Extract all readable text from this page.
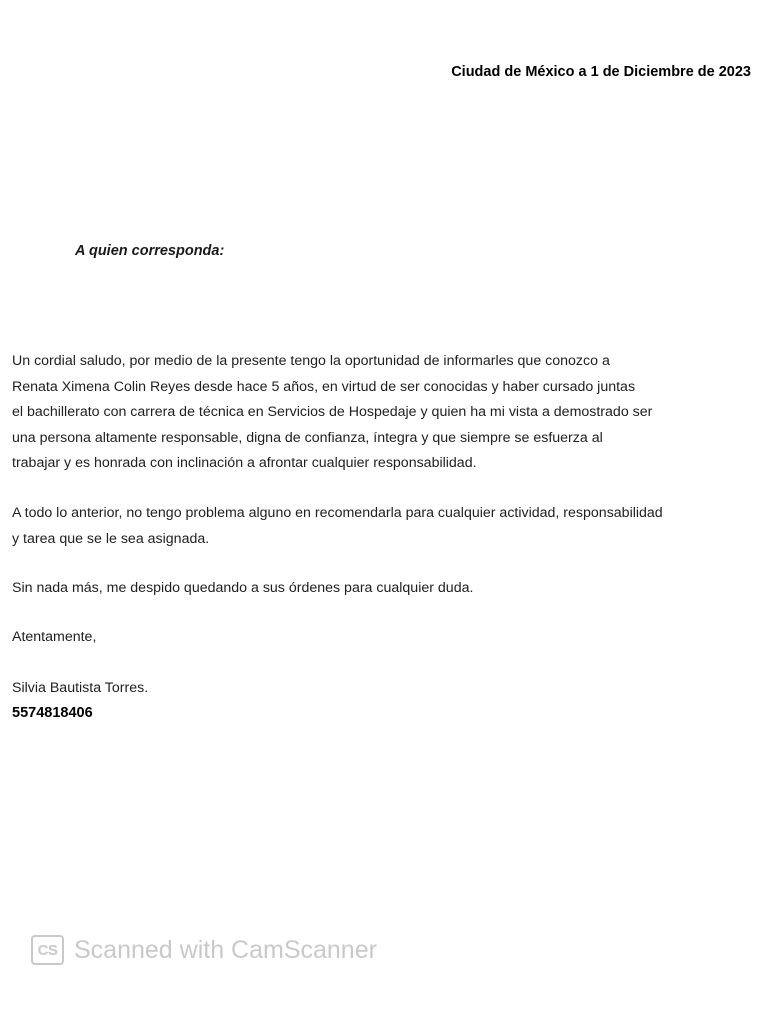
Ciudad de México a 1 de Diciembre de 2023
A quien corresponda:
Un cordial saludo, por medio de la presente tengo la oportunidad de informarles que conozco a
Renata Ximena Colin Reyes desde hace 5 años, en virtud de ser conocidas y haber cursado juntas
el bachillerato con carrera de técnica en Servicios de Hospedaje y quien ha mi vista a demostrado ser
una persona altamente responsable, digna de confianza, íntegra y que siempre se esfuerza al
trabajar y es honrada con inclinación a afrontar cualquier responsabilidad.
A todo lo anterior, no tengo problema alguno en recomendarla para cualquier actividad, responsabilidad
y tarea que se le sea asignada.
Sin nada más, me despido quedando a sus órdenes para cualquier duda.
Atentamente,
Silvia Bautista Torres.
5574818406
CS Scanned with CamScanner
